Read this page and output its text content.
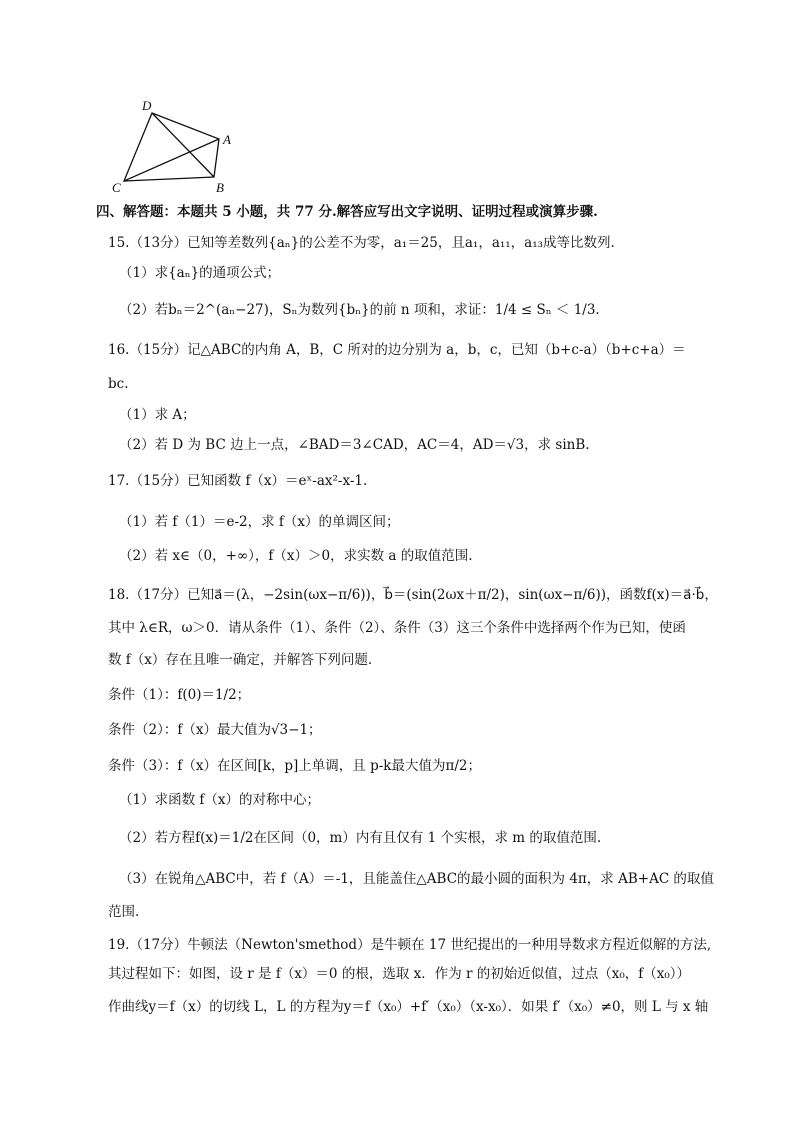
D
A
B
C
四、解答题：本题共 5 小题，共 77 分.解答应写出文字说明、证明过程或演算步骤.
15.（13分）已知等差数列{aₙ}的公差不为零，a₁＝25，且a₁，a₁₁，a₁₃成等比数列.
（1）求{aₙ}的通项公式；
（2）若bₙ＝2^(aₙ−27)，Sₙ为数列{bₙ}的前 n 项和，求证：1/4 ≤ Sₙ ＜ 1/3.
16.（15分）记△ABC的内角 A，B，C 所对的边分别为 a，b，c，已知（b+c-a）（b+c+a）＝
bc.
（1）求 A；
（2）若 D 为 BC 边上一点，∠BAD＝3∠CAD，AC＝4，AD＝√3，求 sinB.
17.（15分）已知函数 f（x）＝eˣ-ax²-x-1.
（1）若 f（1）＝e-2，求 f（x）的单调区间；
（2）若 x∈（0，+∞），f（x）＞0，求实数 a 的取值范围.
18.（17分）已知a⃗＝(λ，−2sin(ωx−π/6))，b⃗＝(sin(2ωx＋π/2)，sin(ωx−π/6))，函数f(x)＝a⃗·b⃗，
其中 λ∈R，ω＞0．请从条件（1）、条件（2）、条件（3）这三个条件中选择两个作为已知，使函
数 f（x）存在且唯一确定，并解答下列问题.
条件（1）：f(0)＝1/2；
条件（2）：f（x）最大值为√3−1；
条件（3）：f（x）在区间[k，p]上单调，且 p-k最大值为π/2；
（1）求函数 f（x）的对称中心；
（2）若方程f(x)＝1/2在区间（0，m）内有且仅有 1 个实根，求 m 的取值范围.
（3）在锐角△ABC中，若 f（A）＝-1，且能盖住△ABC的最小圆的面积为 4π，求 AB+AC 的取值
范围.
19.（17分）牛顿法（Newton'smethod）是牛顿在 17 世纪提出的一种用导数求方程近似解的方法,
其过程如下：如图，设 r 是 f（x）＝0 的根，选取 x．作为 r 的初始近似值，过点（x₀，f（x₀））
作曲线y＝f（x）的切线 L，L 的方程为y＝f（x₀）+f′（x₀）（x-x₀）．如果 f′（x₀）≠0，则 L 与 x 轴
